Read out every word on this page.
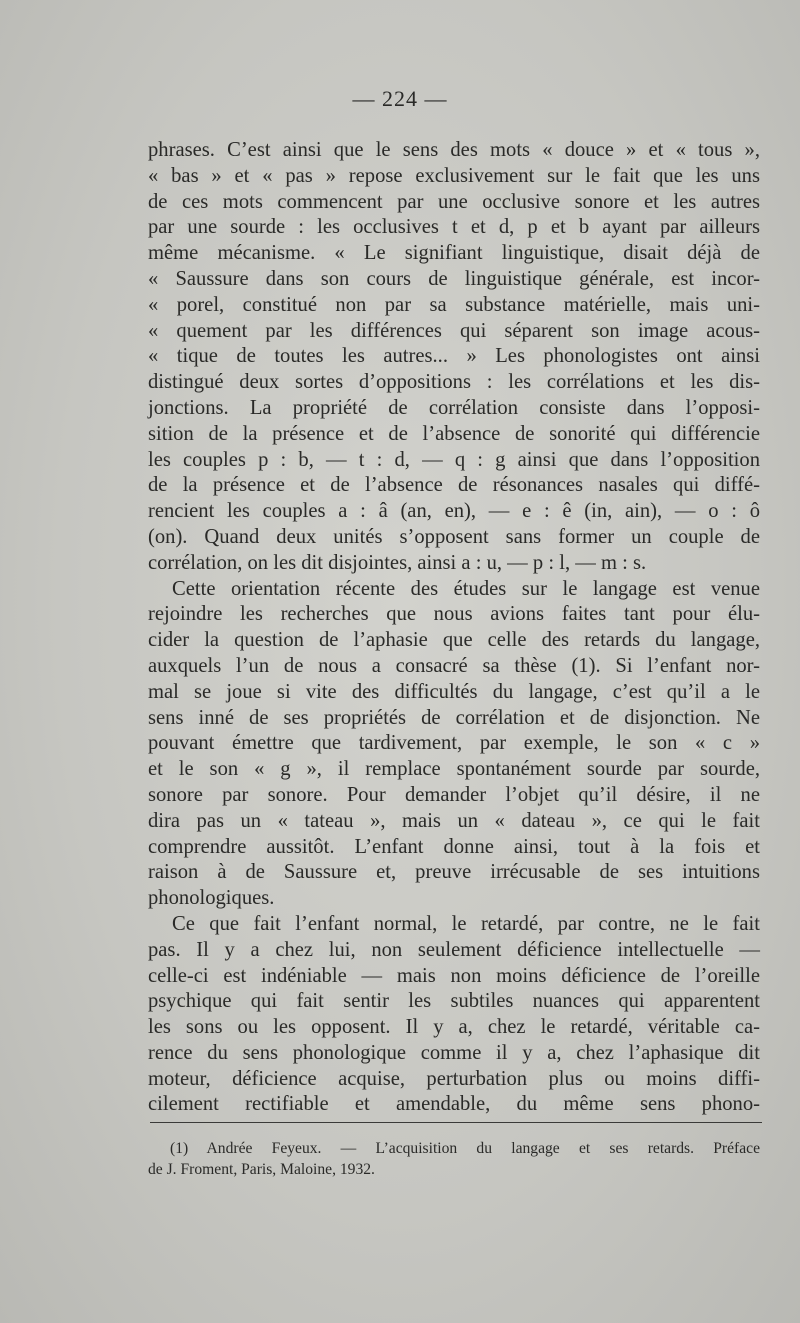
— 224 —
phrases. C’est ainsi que le sens des mots « douce » et « tous »,
« bas » et « pas » repose exclusivement sur le fait que les uns
de ces mots commencent par une occlusive sonore et les autres
par une sourde : les occlusives t et d, p et b ayant par ailleurs
même mécanisme. « Le signifiant linguistique, disait déjà de
« Saussure dans son cours de linguistique générale, est incor-
« porel, constitué non par sa substance matérielle, mais uni-
« quement par les différences qui séparent son image acous-
« tique de toutes les autres... » Les phonologistes ont ainsi
distingué deux sortes d’oppositions : les corrélations et les dis-
jonctions. La propriété de corrélation consiste dans l’opposi-
sition de la présence et de l’absence de sonorité qui différencie
les couples p : b, — t : d, — q : g ainsi que dans l’opposition
de la présence et de l’absence de résonances nasales qui diffé-
rencient les couples a : â (an, en), — e : ê (in, ain), — o : ô
(on). Quand deux unités s’opposent sans former un couple de
corrélation, on les dit disjointes, ainsi a : u, — p : l, — m : s.
Cette orientation récente des études sur le langage est venue
rejoindre les recherches que nous avions faites tant pour élu-
cider la question de l’aphasie que celle des retards du langage,
auxquels l’un de nous a consacré sa thèse (1). Si l’enfant nor-
mal se joue si vite des difficultés du langage, c’est qu’il a le
sens inné de ses propriétés de corrélation et de disjonction. Ne
pouvant émettre que tardivement, par exemple, le son « c »
et le son « g », il remplace spontanément sourde par sourde,
sonore par sonore. Pour demander l’objet qu’il désire, il ne
dira pas un « tateau », mais un « dateau », ce qui le fait
comprendre aussitôt. L’enfant donne ainsi, tout à la fois et
raison à de Saussure et, preuve irrécusable de ses intuitions
phonologiques.
Ce que fait l’enfant normal, le retardé, par contre, ne le fait
pas. Il y a chez lui, non seulement déficience intellectuelle —
celle-ci est indéniable — mais non moins déficience de l’oreille
psychique qui fait sentir les subtiles nuances qui apparentent
les sons ou les opposent. Il y a, chez le retardé, véritable ca-
rence du sens phonologique comme il y a, chez l’aphasique dit
moteur, déficience acquise, perturbation plus ou moins diffi-
cilement rectifiable et amendable, du même sens phono-
(1) Andrée Feyeux. — L’acquisition du langage et ses retards. Préface
de J. Froment, Paris, Maloine, 1932.
